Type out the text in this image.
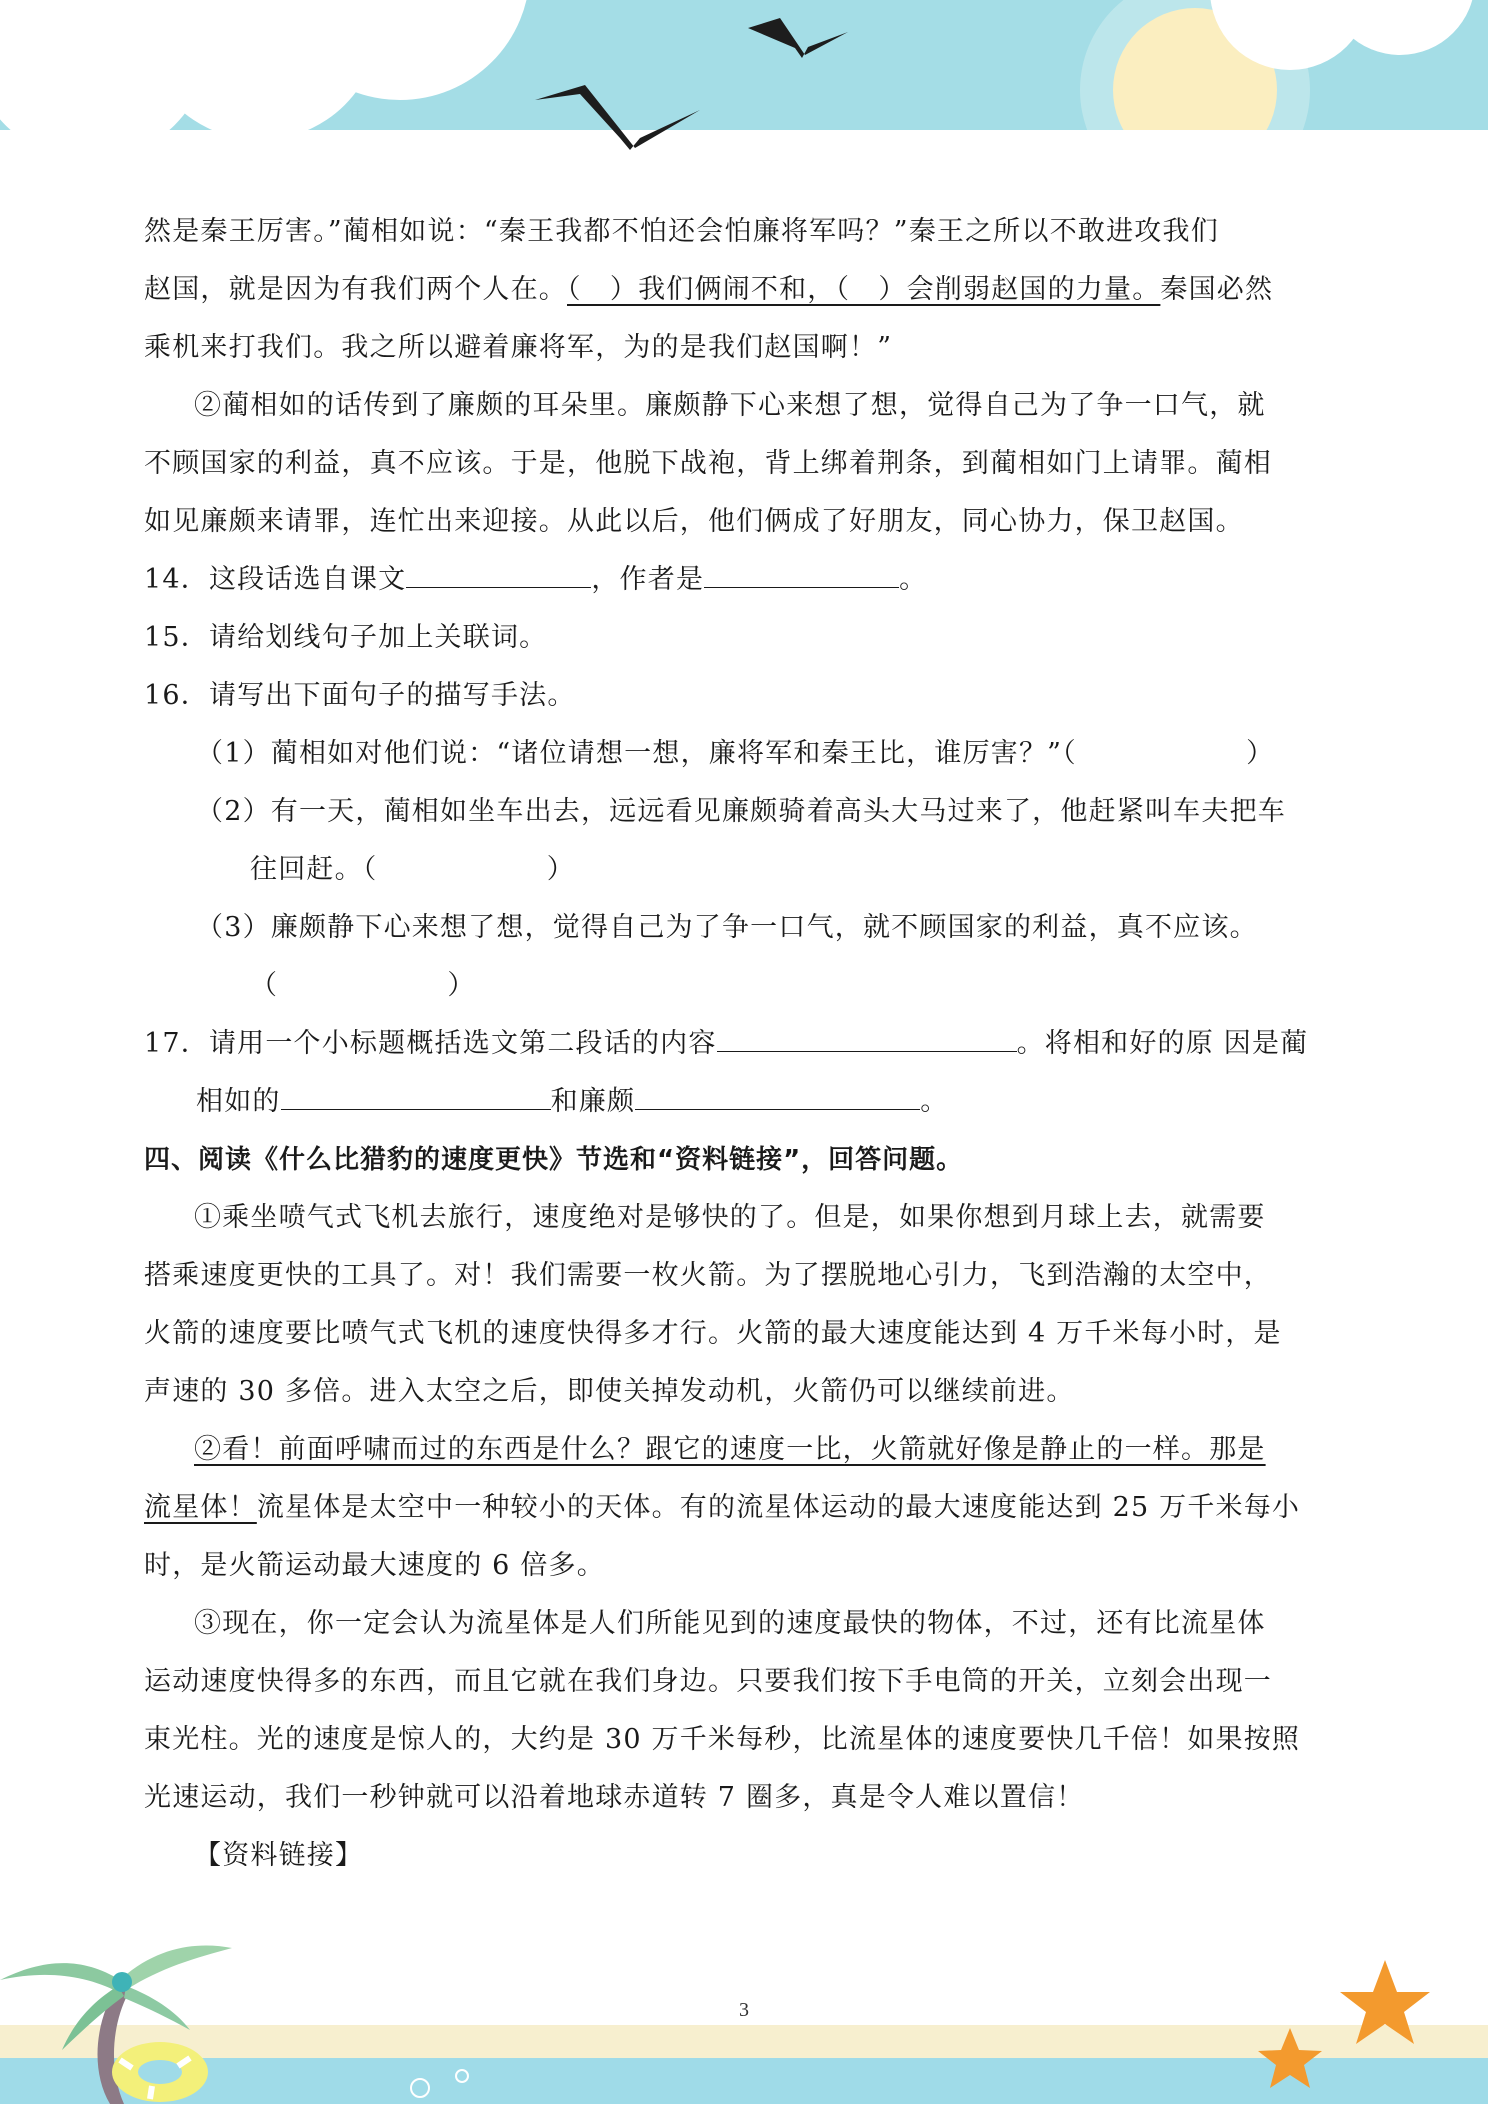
然是秦王厉害。”蔺相如说：“秦王我都不怕还会怕廉将军吗？”秦王之所以不敢进攻我们
赵国，就是因为有我们两个人在。（　）我们俩闹不和，（　）会削弱赵国的力量。秦国必然
乘机来打我们。我之所以避着廉将军，为的是我们赵国啊！”
②蔺相如的话传到了廉颇的耳朵里。廉颇静下心来想了想，觉得自己为了争一口气，就
不顾国家的利益，真不应该。于是，他脱下战袍，背上绑着荆条，到蔺相如门上请罪。蔺相
如见廉颇来请罪，连忙出来迎接。从此以后，他们俩成了好朋友，同心协力，保卫赵国。
14．这段话选自课文	，作者是	。
15．请给划线句子加上关联词。
16．请写出下面句子的描写手法。
（1）蔺相如对他们说：“诸位请想一想，廉将军和秦王比，谁厉害？”（　　　　　　）
（2）有一天，蔺相如坐车出去，远远看见廉颇骑着高头大马过来了，他赶紧叫车夫把车
往回赶。（　　　　　　）
（3）廉颇静下心来想了想，觉得自己为了争一口气，就不顾国家的利益，真不应该。
（　　　　　　）
17．请用一个小标题概括选文第二段话的内容	。将相和好的原 因是蔺
相如的	和廉颇	。
四、阅读《什么比猎豹的速度更快》节选和“资料链接”，回答问题。
①乘坐喷气式飞机去旅行，速度绝对是够快的了。但是，如果你想到月球上去，就需要
搭乘速度更快的工具了。对！我们需要一枚火箭。为了摆脱地心引力，飞到浩瀚的太空中，
火箭的速度要比喷气式飞机的速度快得多才行。火箭的最大速度能达到 4 万千米每小时，是
声速的 30 多倍。进入太空之后，即使关掉发动机，火箭仍可以继续前进。
②看！前面呼啸而过的东西是什么？跟它的速度一比，火箭就好像是静止的一样。那是
流星体！流星体是太空中一种较小的天体。有的流星体运动的最大速度能达到 25 万千米每小
时，是火箭运动最大速度的 6 倍多。
③现在，你一定会认为流星体是人们所能见到的速度最快的物体，不过，还有比流星体
运动速度快得多的东西，而且它就在我们身边。只要我们按下手电筒的开关，立刻会出现一
束光柱。光的速度是惊人的，大约是 30 万千米每秒，比流星体的速度要快几千倍！如果按照
光速运动，我们一秒钟就可以沿着地球赤道转 7 圈多，真是令人难以置信！
【资料链接】
3
